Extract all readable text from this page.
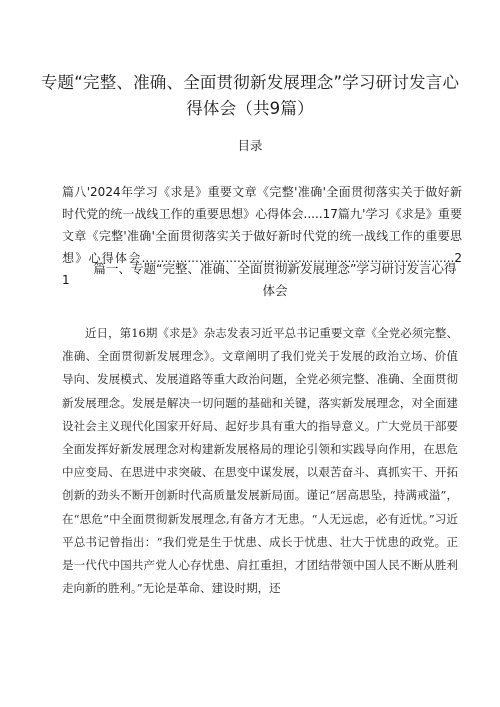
专题“完整、准确、全面贯彻新发展理念”学习研讨发言心得体会（共9篇）
目录
篇八'2024年学习《求是》重要文章《完整'准确'全面贯彻落实关于做好新时代党的统一战线工作的重要思想》心得体会.....17篇九'学习《求是》重要文章《完整'准确'全面贯彻落实关于做好新时代党的统一战线工作的重要思想》心得体会..................................................................................21
篇一、专题“完整、准确、全面贯彻新发展理念”学习研讨发言心得体会

近日，第16期《求是》杂志发表习近平总书记重要文章《全党必须完整、准确、全面贯彻新发展理念》。文章阐明了我们党关于发展的政治立场、价值导向、发展模式、发展道路等重大政治问题，全党必须完整、准确、全面贯彻新发展理念。发展是解决一切问题的基础和关键，落实新发展理念，对全面建设社会主义现代化国家开好局、起好步具有重大的指导意义。广大党员干部要全面发挥好新发展理念对构建新发展格局的理论引领和实践导向作用，在思危中应变局、在思进中求突破、在思变中谋发展，以艰苦奋斗、真抓实干、开拓创新的劲头不断开创新时代高质量发展新局面。谨记“居高思坠，持满戒溢”，在“思危”中全面贯彻新发展理念,有备方才无患。“人无远虑，必有近忧。”习近平总书记曾指出：“我们党是生于忧患、成长于忧患、壮大于忧患的政党。正是一代代中国共产党人心存忧患、肩扛重担，才团结带领中国人民不断从胜利走向新的胜利。”无论是革命、建设时期，还
